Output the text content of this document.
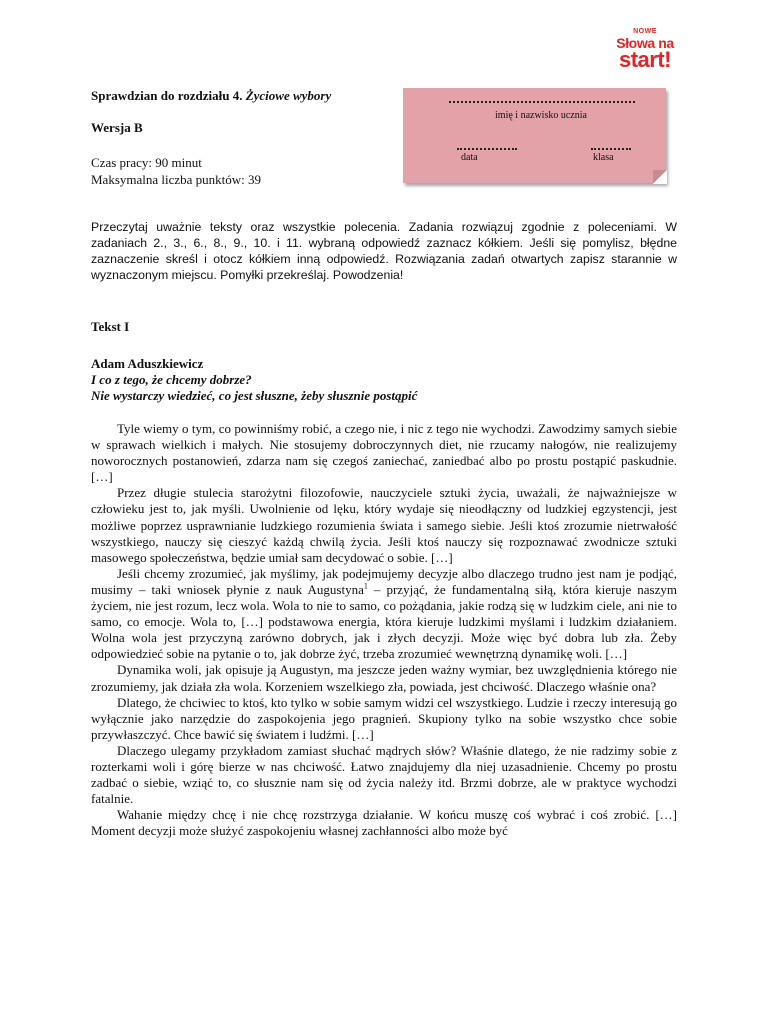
NOWE
Słowa na
start!
Sprawdzian do rozdziału 4. Życiowe wybory
Wersja B
Czas pracy: 90 minut
Maksymalna liczba punktów: 39
imię i nazwisko ucznia
data	klasa
Przeczytaj uważnie teksty oraz wszystkie polecenia. Zadania rozwiązuj zgodnie z poleceniami. W zadaniach 2., 3., 6., 8., 9., 10. i 11. wybraną odpowiedź zaznacz kółkiem. Jeśli się pomylisz, błędne zaznaczenie skreśl i otocz kółkiem inną odpowiedź. Rozwiązania zadań otwartych zapisz starannie w wyznaczonym miejscu. Pomyłki przekreślaj. Powodzenia!
Tekst I
Adam Aduszkiewicz
I co z tego, że chcemy dobrze?
Nie wystarczy wiedzieć, co jest słuszne, żeby słusznie postąpić

Tyle wiemy o tym, co powinniśmy robić, a czego nie, i nic z tego nie wychodzi. Zawodzimy samych siebie w sprawach wielkich i małych. Nie stosujemy dobroczynnych diet, nie rzucamy nałogów, nie realizujemy noworocznych postanowień, zdarza nam się czegoś zaniechać, zaniedbać albo po prostu postąpić paskudnie. […]

Przez długie stulecia starożytni filozofowie, nauczyciele sztuki życia, uważali, że najważniejsze w człowieku jest to, jak myśli. Uwolnienie od lęku, który wydaje się nieodłączny od ludzkiej egzystencji, jest możliwe poprzez usprawnianie ludzkiego rozumienia świata i samego siebie. Jeśli ktoś zrozumie nietrwałość wszystkiego, nauczy się cieszyć każdą chwilą życia. Jeśli ktoś nauczy się rozpoznawać zwodnicze sztuki masowego społeczeństwa, będzie umiał sam decydować o sobie. […]

Jeśli chcemy zrozumieć, jak myślimy, jak podejmujemy decyzje albo dlaczego trudno jest nam je podjąć, musimy – taki wniosek płynie z nauk Augustyna$^1$ – przyjąć, że fundamentalną siłą, która kieruje naszym życiem, nie jest rozum, lecz wola. Wola to nie to samo, co pożądania, jakie rodzą się w ludzkim ciele, ani nie to samo, co emocje. Wola to, […] podstawowa energia, która kieruje ludzkimi myślami i ludzkim działaniem. Wolna wola jest przyczyną zarówno dobrych, jak i złych decyzji. Może więc być dobra lub zła. Żeby odpowiedzieć sobie na pytanie o to, jak dobrze żyć, trzeba zrozumieć wewnętrzną dynamikę woli. […]

Dynamika woli, jak opisuje ją Augustyn, ma jeszcze jeden ważny wymiar, bez uwzględnienia którego nie zrozumiemy, jak działa zła wola. Korzeniem wszelkiego zła, powiada, jest chciwość. Dlaczego właśnie ona?

Dlatego, że chciwiec to ktoś, kto tylko w sobie samym widzi cel wszystkiego. Ludzie i rzeczy interesują go wyłącznie jako narzędzie do zaspokojenia jego pragnień. Skupiony tylko na sobie wszystko chce sobie przywłaszczyć. Chce bawić się światem i ludźmi. […]

Dlaczego ulegamy przykładom zamiast słuchać mądrych słów? Właśnie dlatego, że nie radzimy sobie z rozterkami woli i górę bierze w nas chciwość. Łatwo znajdujemy dla niej uzasadnienie. Chcemy po prostu zadbać o siebie, wziąć to, co słusznie nam się od życia należy itd. Brzmi dobrze, ale w praktyce wychodzi fatalnie.

Wahanie między chcę i nie chcę rozstrzyga działanie. W końcu muszę coś wybrać i coś zrobić. […] Moment decyzji może służyć zaspokojeniu własnej zachłanności albo może być
